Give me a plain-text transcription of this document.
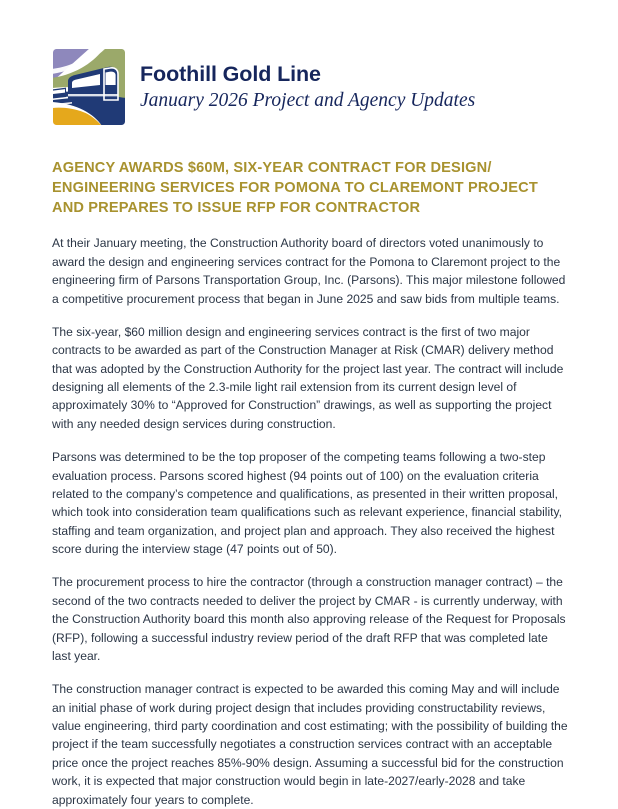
Foothill Gold Line
January 2026 Project and Agency Updates
AGENCY AWARDS $60M, SIX-YEAR CONTRACT FOR DESIGN/
ENGINEERING SERVICES FOR POMONA TO CLAREMONT PROJECT
AND PREPARES TO ISSUE RFP FOR CONTRACTOR

At their January meeting, the Construction Authority board of directors voted unanimously to award the design and engineering services contract for the Pomona to Claremont project to the engineering firm of Parsons Transportation Group, Inc. (Parsons). This major milestone followed a competitive procurement process that began in June 2025 and saw bids from multiple teams.

The six-year, $60 million design and engineering services contract is the first of two major contracts to be awarded as part of the Construction Manager at Risk (CMAR) delivery method that was adopted by the Construction Authority for the project last year. The contract will include designing all elements of the 2.3-mile light rail extension from its current design level of approximately 30% to “Approved for Construction” drawings, as well as supporting the project with any needed design services during construction.

Parsons was determined to be the top proposer of the competing teams following a two-step evaluation process. Parsons scored highest (94 points out of 100) on the evaluation criteria related to the company’s competence and qualifications, as presented in their written proposal, which took into consideration team qualifications such as relevant experience, financial stability, staffing and team organization, and project plan and approach. They also received the highest score during the interview stage (47 points out of 50).

The procurement process to hire the contractor (through a construction manager contract) – the second of the two contracts needed to deliver the project by CMAR - is currently underway, with the Construction Authority board this month also approving release of the Request for Proposals (RFP), following a successful industry review period of the draft RFP that was completed late last year.

The construction manager contract is expected to be awarded this coming May and will include an initial phase of work during project design that includes providing constructability reviews, value engineering, third party coordination and cost estimating; with the possibility of building the project if the team successfully negotiates a construction services contract with an acceptable price once the project reaches 85%-90% design. Assuming a successful bid for the construction work, it is expected that major construction would begin in late-2027/early-2028 and take approximately four years to complete.
